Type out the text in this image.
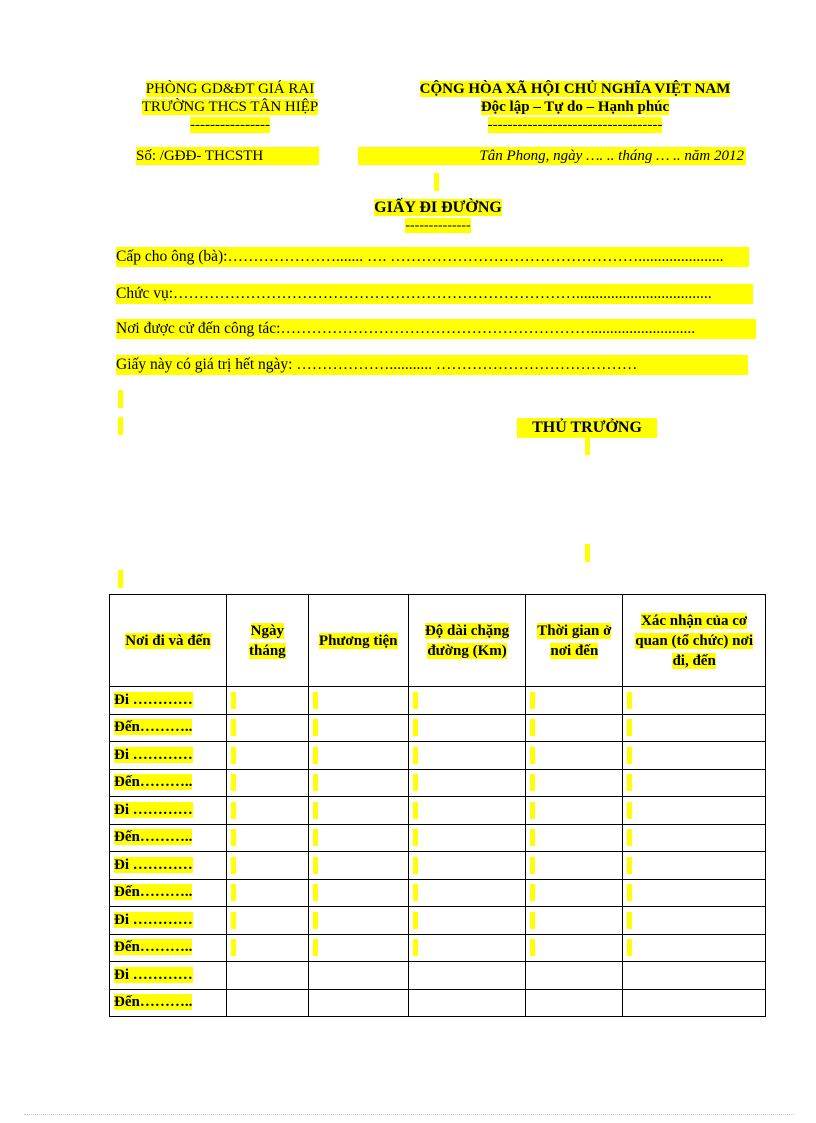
PHÒNG GD&ĐT GIÁ RAI
TRƯỜNG THCS TÂN HIỆP
----------------
Số: /GĐĐ- THCSTH
CỘNG HÒA XÃ HỘI CHỦ NGHĨA VIỆT NAM
Độc lập – Tự do – Hạnh phúc
-----------------------------------
Tân Phong, ngày …. .. tháng … .. năm 2012
GIẤY ĐI ĐƯỜNG
--------------
Cấp cho ông (bà):…………………....... …. …………………………………………......................
Chức vụ:……………………………………………………………………...................................
Nơi được cử đến công tác:……………………………………………………...........................
Giấy này có giá trị hết ngày: ………………........... …………………………………
THỦ TRƯỞNG
Nơi đi và đến	Ngày tháng	Phương tiện	Độ dài chặng đường (Km)	Thời gian ở nơi đến	Xác nhận của cơ quan (tổ chức) nơi đi, đến
Đi …………					
Đến………..					
Đi …………					
Đến………..					
Đi …………					
Đến………..					
Đi …………					
Đến………..					
Đi …………					
Đến………..					
Đi …………					
Đến………..					
